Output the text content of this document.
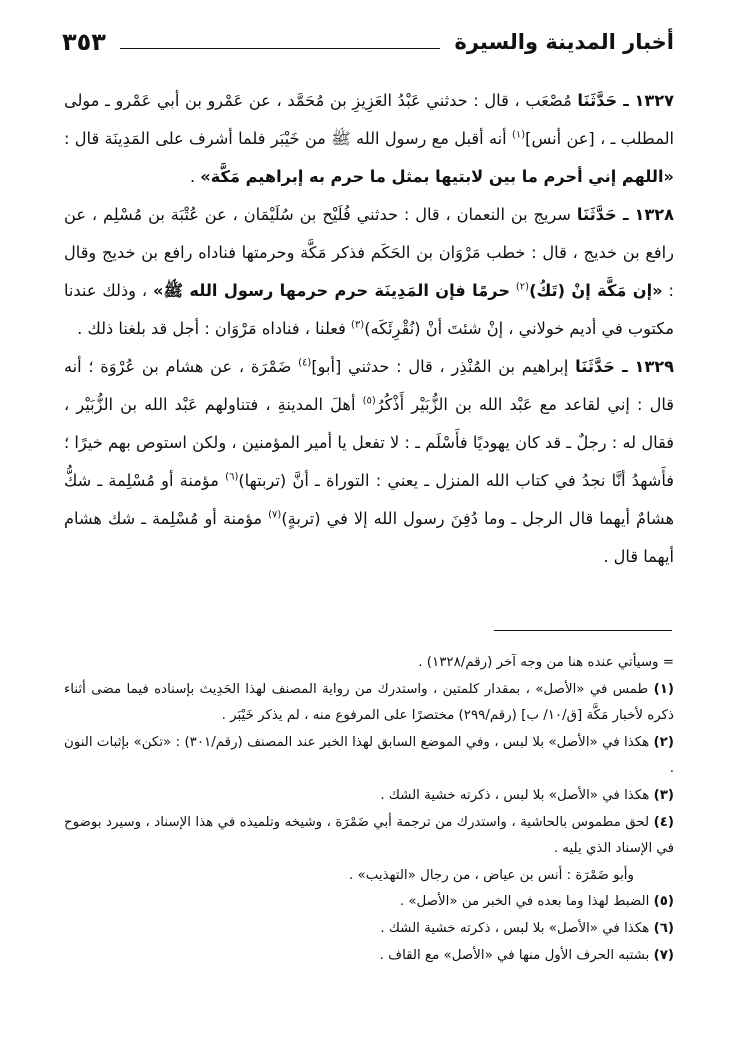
أخبار المدينة والسيرة
٣٥٣

١٣٢٧ ـ حَدَّثَنَا مُصْعَب ، قال : حدثني عَبْدُ العَزِيزِ بن مُحَمَّد ، عن عَمْرو بن أبي عَمْرو ـ مولى المطلب ـ ، [عن أنس]$^{(١)}$ أنه أقبل مع رسول الله ﷺ من خَيْبَر فلما أشرف على المَدِينَة قال : «اللهم إني أحرم ما بين لابتيها بمثل ما حرم به إبراهيم مَكَّة» .

١٣٢٨ ـ حَدَّثَنَا سريج بن النعمان ، قال : حدثني فُلَيْح بن سُلَيْمَان ، عن عُتْبَة بن مُسْلِم ، عن رافع بن خديج ، قال : خطب مَرْوَان بن الحَكَم فذكر مَكَّة وحرمتها فناداه رافع بن خديج وقال : «إن مَكَّة إنْ (تَكُ)$^{(٢)}$ حرمًا فإن المَدِينَة حرم حرمها رسول الله ﷺ» ، وذلك عندنا مكتوب في أديم خولاني ، إنْ شئتَ أنْ (نُقْرِئَكَه)$^{(٣)}$ فعلنا ، فناداه مَرْوَان : أجل قد بلغنا ذلك .

١٣٢٩ ـ حَدَّثَنَا إبراهيم بن المُنْذِر ، قال : حدثني [أبو]$^{(٤)}$ ضَمْرَة ، عن هشام بن عُرْوَة ؛ أنه قال : إني لقاعد مع عَبْد الله بن الزُّبَيْر أَذْكُرُ$^{(٥)}$ أهلَ المدينةِ ، فتناولهم عَبْد الله بن الزُّبَيْر ، فقال له : رجلٌ ـ قد كان يهوديًا فأَسْلَم ـ : لا تفعل يا أمير المؤمنين ، ولكن استوص بهم خيرًا ؛ فأَشهدُ أنَّا نجدُ في كتاب الله المنزل ـ يعني : التوراة ـ أنَّ (تربتها)$^{(٦)}$ مؤمنة أو مُسْلِمة ـ شكُّ هشامٌ أيهما قال الرجل ـ وما دُفِنَ رسول الله إلا في (تربةٍ)$^{(٧)}$ مؤمنة أو مُسْلِمة ـ شك هشام أيهما قال .

= وسيأتي عنده هنا من وجه آخر (رقم/١٣٢٨) .

(١) طمس في «الأصل» ، بمقدار كلمتين ، واستدرك من رواية المصنف لهذا الحَدِيث بإسناده فيما مضى أثناء ذكره لأخبار مَكَّة [ق/١٠/ ب] (رقم/٢٩٩) مختصرًا على المرفوع منه ، لم يذكر خَيْبَر .

(٢) هكذا في «الأصل» بلا لبس ، وفي الموضع السابق لهذا الخبر عند المصنف (رقم/٣٠١) : «تكن» بإثبات النون .

(٣) هكذا في «الأصل» بلا لبس ، ذكرته خشية الشك .

(٤) لحق مطموس بالحاشية ، واستدرك من ترجمة أبي ضَمْرَة ، وشيخه وتلميذه في هذا الإسناد ، وسيرد بوضوح في الإسناد الذي يليه .

وأبو ضَمْرَة : أنس بن عياض ، من رجال «التهذيب» .

(٥) الضبط لهذا وما بعده في الخبر من «الأصل» .

(٦) هكذا في «الأصل» بلا لبس ، ذكرته خشية الشك .

(٧) بشتبه الحرف الأول منها في «الأصل» مع القاف .
